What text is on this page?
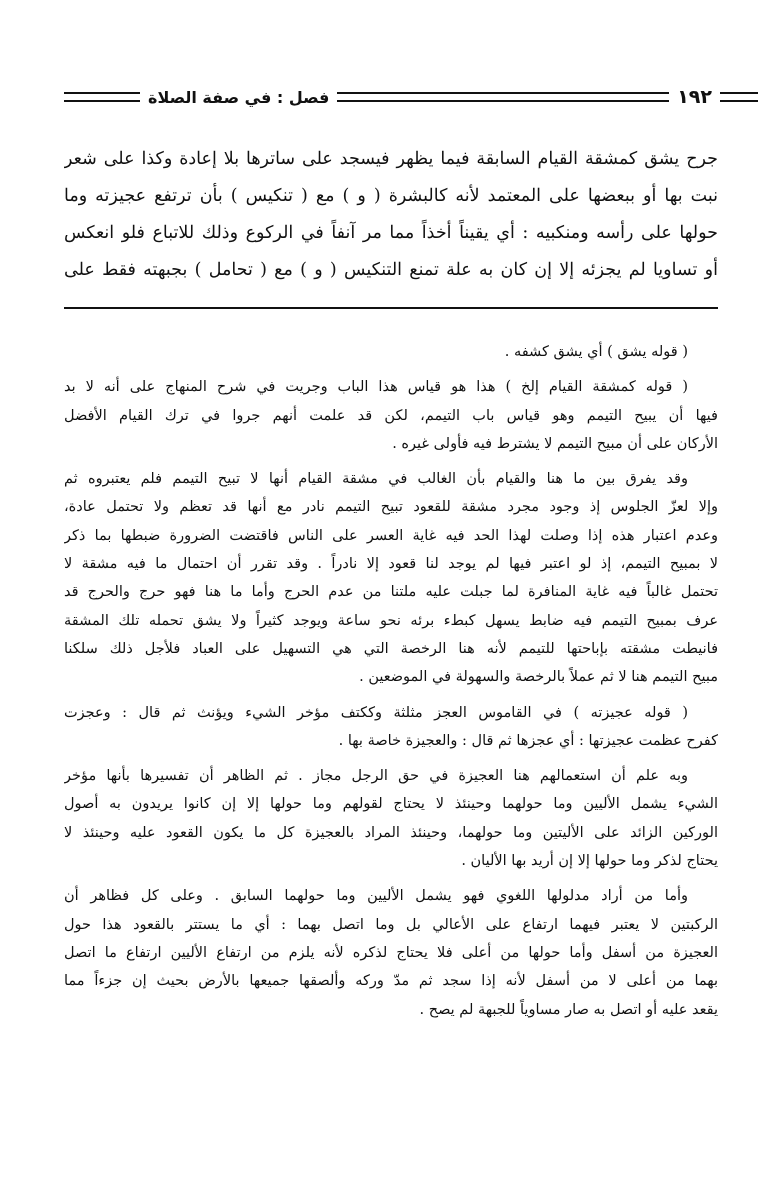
١٩٢
فصل : في صفة الصلاة
جرح يشق كمشقة القيام السابقة فيما يظهر فيسجد على ساترها بلا إعادة وكذا على شعر
نبت بها أو ببعضها على المعتمد لأنه كالبشرة ( و ) مع ( تنكيس ) بأن ترتفع عجيزته وما
حولها على رأسه ومنكبيه : أي يقيناً أخذاً مما مر آنفاً في الركوع وذلك للاتباع فلو انعكس
أو تساويا لم يجزئه إلا إن كان به علة تمنع التنكيس ( و ) مع ( تحامل ) بجبهته فقط على
( قوله يشق ) أي يشق كشفه .
( قوله كمشقة القيام إلخ ) هذا هو قياس هذا الباب وجريت في شرح المنهاج على أنه لا بد
فيها أن يبيح التيمم وهو قياس باب التيمم، لكن قد علمت أنهم جروا في ترك القيام الأفضل
الأركان على أن مبيح التيمم لا يشترط فيه فأولى غيره .
وقد يفرق بين ما هنا والقيام بأن الغالب في مشقة القيام أنها لا تبيح التيمم فلم يعتبروه ثم
وإلا لعزّ الجلوس إذ وجود مجرد مشقة للقعود تبيح التيمم نادر مع أنها قد تعظم ولا تحتمل عادة،
وعدم اعتبار هذه إذا وصلت لهذا الحد فيه غاية العسر على الناس فاقتضت الضرورة ضبطها بما ذكر
لا بمبيح التيمم، إذ لو اعتبر فيها لم يوجد لنا قعود إلا نادراً . وقد تقرر أن احتمال ما فيه مشقة لا
تحتمل غالباً فيه غاية المنافرة لما جبلت عليه ملتنا من عدم الحرج وأما ما هنا فهو حرج والحرج قد
عرف بمبيح التيمم فيه ضابط يسهل كبطء برئه نحو ساعة ويوجد كثيراً ولا يشق تحمله تلك المشقة
فانيطت مشقته بإباحتها للتيمم لأنه هنا الرخصة التي هي التسهيل على العباد فلأجل ذلك سلكنا
مبيح التيمم هنا لا ثم عملاً بالرخصة والسهولة في الموضعين .
( قوله عجيزته ) في القاموس العجز مثلثة وككتف مؤخر الشيء ويؤنث ثم قال : وعجزت
كفرح عظمت عجيزتها : أي عجزها ثم قال : والعجيزة خاصة بها .
وبه علم أن استعمالهم هنا العجيزة في حق الرجل مجاز . ثم الظاهر أن تفسيرها بأنها مؤخر
الشيء يشمل الأليين وما حولهما وحينئذ لا يحتاج لقولهم وما حولها إلا إن كانوا يريدون به أصول
الوركين الزائد على الأليتين وما حولهما، وحينئذ المراد بالعجيزة كل ما يكون القعود عليه وحينئذ لا
يحتاج لذكر وما حولها إلا إن أريد بها الأليان .
وأما من أراد مدلولها اللغوي فهو يشمل الأليين وما حولهما السابق . وعلى كل فظاهر أن
الركبتين لا يعتبر فيهما ارتفاع على الأعالي بل وما اتصل بهما : أي ما يستتر بالقعود هذا حول
العجيزة من أسفل وأما حولها من أعلى فلا يحتاج لذكره لأنه يلزم من ارتفاع الأليين ارتفاع ما اتصل
بهما من أعلى لا من أسفل لأنه إذا سجد ثم مدّ وركه وألصقها جميعها بالأرض بحيث إن جزءاً مما
يقعد عليه أو اتصل به صار مساوياً للجبهة لم يصح .
